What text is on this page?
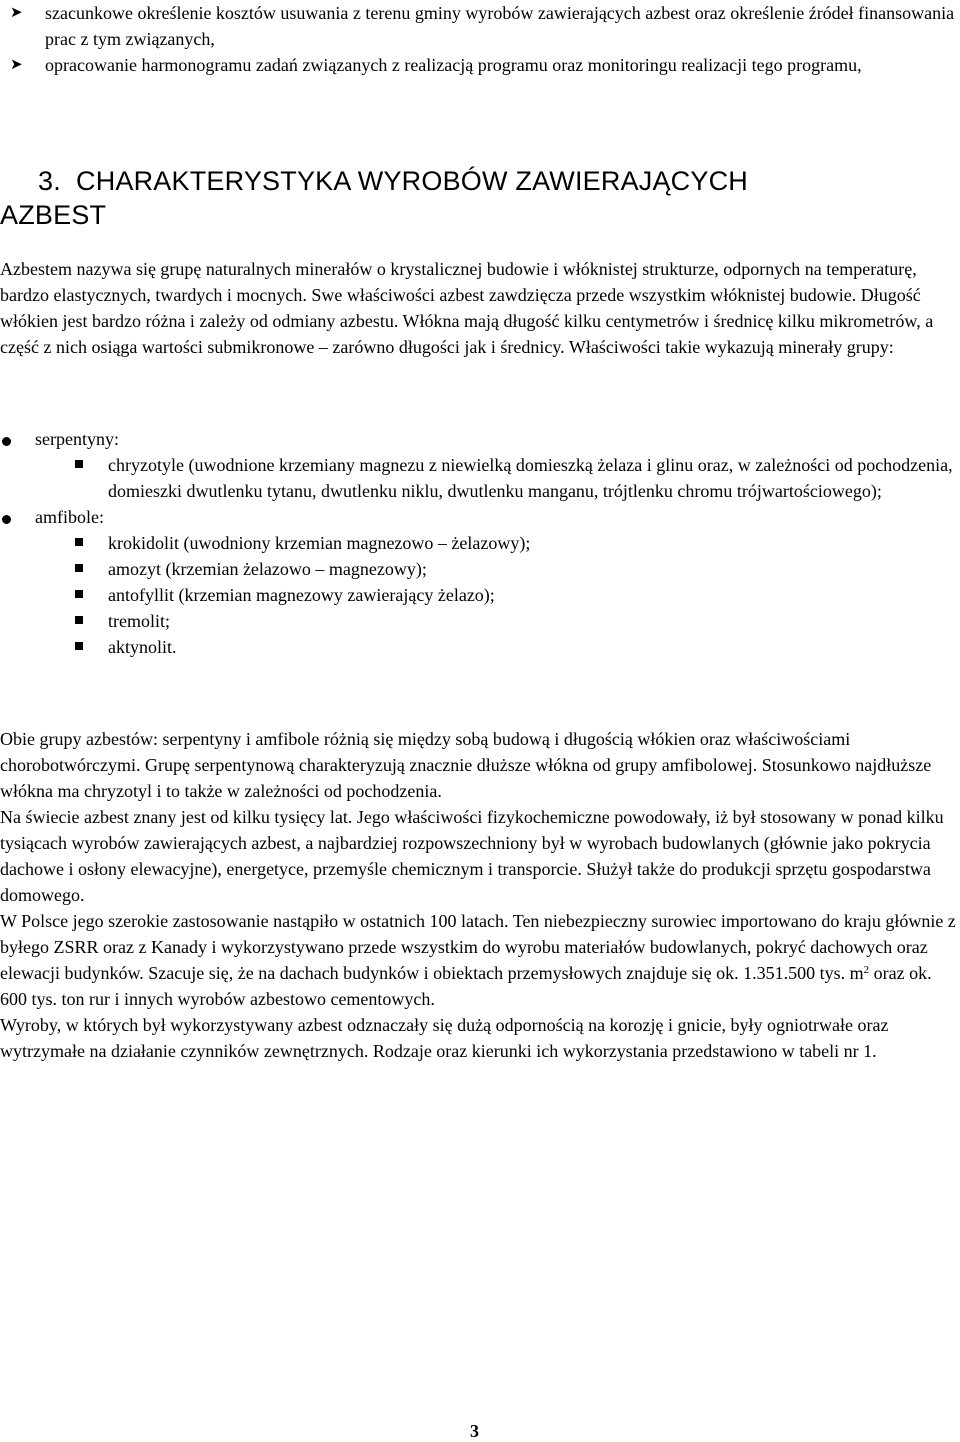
➤ szacunkowe określenie kosztów usuwania z terenu gminy wyrobów zawierających azbest oraz określenie źródeł finansowania prac z tym związanych,
➤ opracowanie harmonogramu zadań związanych z realizacją programu oraz monitoringu realizacji tego programu,
3. CHARAKTERYSTYKA WYROBÓW ZAWIERAJĄCYCH
AZBEST

Azbestem nazywa się grupę naturalnych minerałów o krystalicznej budowie i włóknistej strukturze, odpornych na temperaturę, bardzo elastycznych, twardych i mocnych. Swe właściwości azbest zawdzięcza przede wszystkim włóknistej budowie. Długość włókien jest bardzo różna i zależy od odmiany azbestu. Włókna mają długość kilku centymetrów i średnicę kilku mikrometrów, a część z nich osiąga wartości submikronowe – zarówno długości jak i średnicy. Właściwości takie wykazują minerały grupy:

serpentyny:
chryzotyle (uwodnione krzemiany magnezu z niewielką domieszką żelaza i glinu oraz, w zależności od pochodzenia, domieszki dwutlenku tytanu, dwutlenku niklu, dwutlenku manganu, trójtlenku chromu trójwartościowego);
amfibole:
krokidolit (uwodniony krzemian magnezowo – żelazowy);
amozyt (krzemian żelazowo – magnezowy);
antofyllit (krzemian magnezowy zawierający żelazo);
tremolit;
aktynolit.

Obie grupy azbestów: serpentyny i amfibole różnią się między sobą budową i długością włókien oraz właściwościami chorobotwórczymi. Grupę serpentynową charakteryzują znacznie dłuższe włókna od grupy amfibolowej. Stosunkowo najdłuższe włókna ma chryzotyl i to także w zależności od pochodzenia.

Na świecie azbest znany jest od kilku tysięcy lat. Jego właściwości fizykochemiczne powodowały, iż był stosowany w ponad kilku tysiącach wyrobów zawierających azbest, a najbardziej rozpowszechniony był w wyrobach budowlanych (głównie jako pokrycia dachowe i osłony elewacyjne), energetyce, przemyśle chemicznym i transporcie. Służył także do produkcji sprzętu gospodarstwa domowego.

W Polsce jego szerokie zastosowanie nastąpiło w ostatnich 100 latach. Ten niebezpieczny surowiec importowano do kraju głównie z byłego ZSRR oraz z Kanady i wykorzystywano przede wszystkim do wyrobu materiałów budowlanych, pokryć dachowych oraz elewacji budynków. Szacuje się, że na dachach budynków i obiektach przemysłowych znajduje się ok. 1.351.500 tys. $m^2$ oraz ok. 600 tys. ton rur i innych wyrobów azbestowo cementowych.

Wyroby, w których był wykorzystywany azbest odznaczały się dużą odpornością na korozję i gnicie, były ogniotrwałe oraz wytrzymałe na działanie czynników zewnętrznych. Rodzaje oraz kierunki ich wykorzystania przedstawiono w tabeli nr 1.

3
